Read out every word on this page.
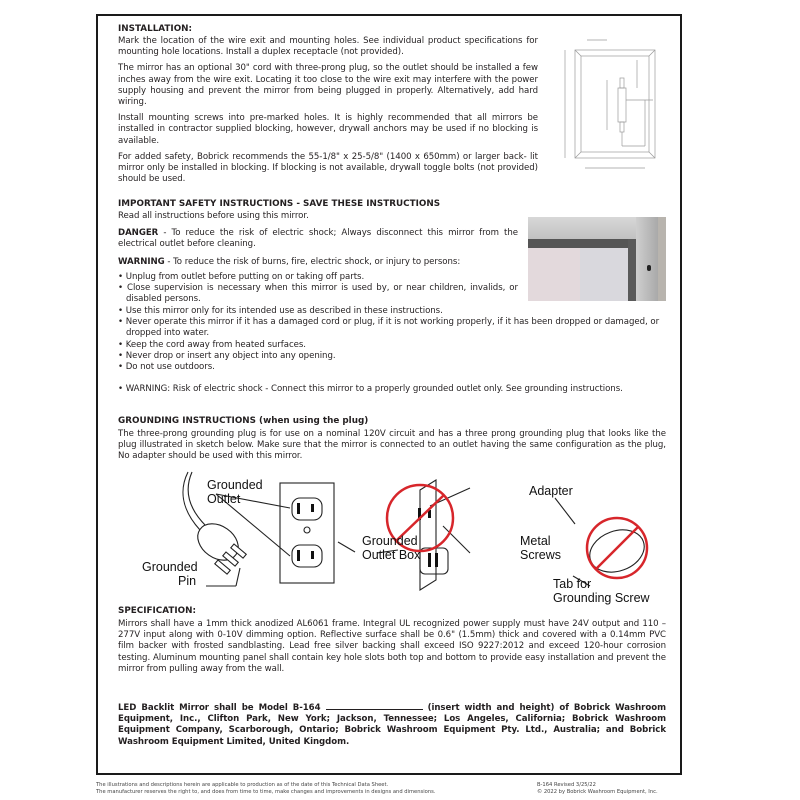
INSTALLATION:

Mark the location of the wire exit and mounting holes. See individual product specifications for mounting hole locations. Install a duplex receptacle (not provided).

The mirror has an optional 30" cord with three-prong plug, so the outlet should be installed a few inches away from the wire exit. Locating it too close to the wire exit may interfere with the power supply housing and prevent the mirror from being plugged in properly. Alternatively, add hard wiring.

Install mounting screws into pre-marked holes. It is highly recommended that all mirrors be installed in contractor supplied blocking, however, drywall anchors may be used if no blocking is available.

For added safety, Bobrick recommends the 55-1/8" x 25-5/8" (1400 x 650mm) or larger back- lit mirror only be installed in blocking. If blocking is not available, drywall toggle bolts (not provided) should be used.

IMPORTANT SAFETY INSTRUCTIONS - SAVE THESE INSTRUCTIONS
Read all instructions before using this mirror.
DANGER - To reduce the risk of electric shock; Always disconnect this mirror from the electrical outlet before cleaning.
WARNING - To reduce the risk of burns, fire, electric shock, or injury to persons:
• Unplug from outlet before putting on or taking off parts.
• Close supervision is necessary when this mirror is used by, or near children, invalids, or disabled persons.
• Use this mirror only for its intended use as described in these instructions.
• Never operate this mirror if it has a damaged cord or plug, if it is not working properly, if it has been dropped or damaged, or dropped into water.
• Keep the cord away from heated surfaces.
• Never drop or insert any object into any opening.
• Do not use outdoors.
• WARNING: Risk of electric shock - Connect this mirror to a properly grounded outlet only. See grounding instructions.
GROUNDING INSTRUCTIONS (when using the plug)
The three-prong grounding plug is for use on a nominal 120V circuit and has a three prong grounding plug that looks like the plug illustrated in sketch below. Make sure that the mirror is connected to an outlet having the same configuration as the plug, No adapter should be used with this mirror.
Grounded
Outlet
Grounded
Pin
Grounded
Outlet Box
Adapter
Metal
Screws
Tab for
Grounding Screw
SPECIFICATION:
Mirrors shall have a 1mm thick anodized AL6061 frame. Integral UL recognized power supply must have 24V output and 110 – 277V input along with 0-10V dimming option. Reflective surface shall be 0.6" (1.5mm) thick and covered with a 0.14mm PVC film backer with frosted sandblasting. Lead free silver backing shall exceed ISO 9227:2012 and exceed 120-hour corrosion testing. Aluminum mounting panel shall contain key hole slots both top and bottom to provide easy installation and prevent the mirror from pulling away from the wall.
LED Backlit Mirror shall be Model B-164	(insert width and height) of Bobrick Washroom Equipment, Inc., Clifton Park, New York; Jackson, Tennessee; Los Angeles, California; Bobrick Washroom Equipment Company, Scarborough, Ontario; Bobrick Washroom Equipment Pty. Ltd., Australia; and Bobrick Washroom Equipment Limited, United Kingdom.
The illustrations and descriptions herein are applicable to production as of the date of this Technical Data Sheet.
The manufacturer reserves the right to, and does from time to time, make changes and improvements in designs and dimensions.
B-164 Revised 3/25/22
© 2022 by Bobrick Washroom Equipment, Inc.
